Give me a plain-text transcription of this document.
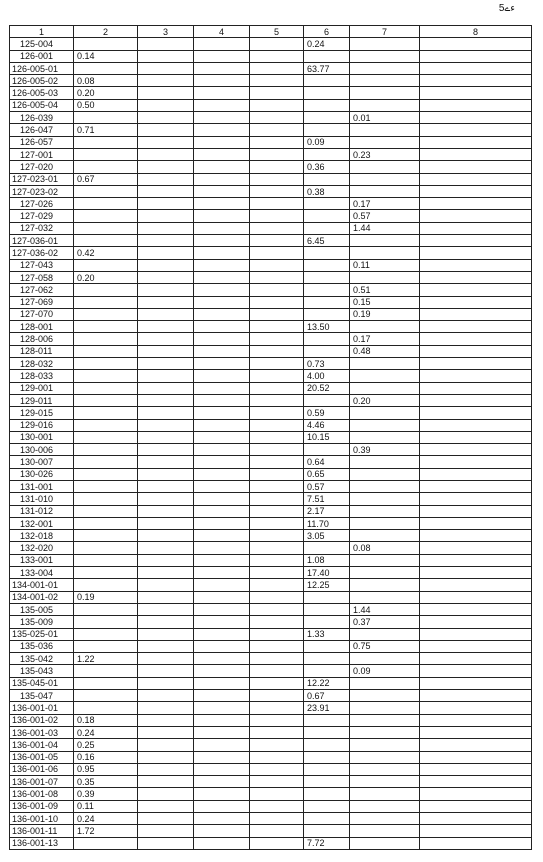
ءے5
1	2	3	4	5	6	7	8
125-004					0.24		
126-001	0.14						
126-005-01					63.77		
126-005-02	0.08						
126-005-03	0.20						
126-005-04	0.50						
126-039						0.01	
126-047	0.71						
126-057					0.09		
127-001						0.23	
127-020					0.36		
127-023-01	0.67						
127-023-02					0.38		
127-026						0.17	
127-029						0.57	
127-032						1.44	
127-036-01					6.45		
127-036-02	0.42						
127-043						0.11	
127-058	0.20						
127-062						0.51	
127-069						0.15	
127-070						0.19	
128-001					13.50		
128-006						0.17	
128-011						0.48	
128-032					0.73		
128-033					4.00		
129-001					20.52		
129-011						0.20	
129-015					0.59		
129-016					4.46		
130-001					10.15		
130-006						0.39	
130-007					0.64		
130-026					0.65		
131-001					0.57		
131-010					7.51		
131-012					2.17		
132-001					11.70		
132-018					3.05		
132-020						0.08	
133-001					1.08		
133-004					17.40		
134-001-01					12.25		
134-001-02	0.19						
135-005						1.44	
135-009						0.37	
135-025-01					1.33		
135-036						0.75	
135-042	1.22						
135-043						0.09	
135-045-01					12.22		
135-047					0.67		
136-001-01					23.91		
136-001-02	0.18						
136-001-03	0.24						
136-001-04	0.25						
136-001-05	0.16						
136-001-06	0.95						
136-001-07	0.35						
136-001-08	0.39						
136-001-09	0.11						
136-001-10	0.24						
136-001-11	1.72						
136-001-13					7.72		
